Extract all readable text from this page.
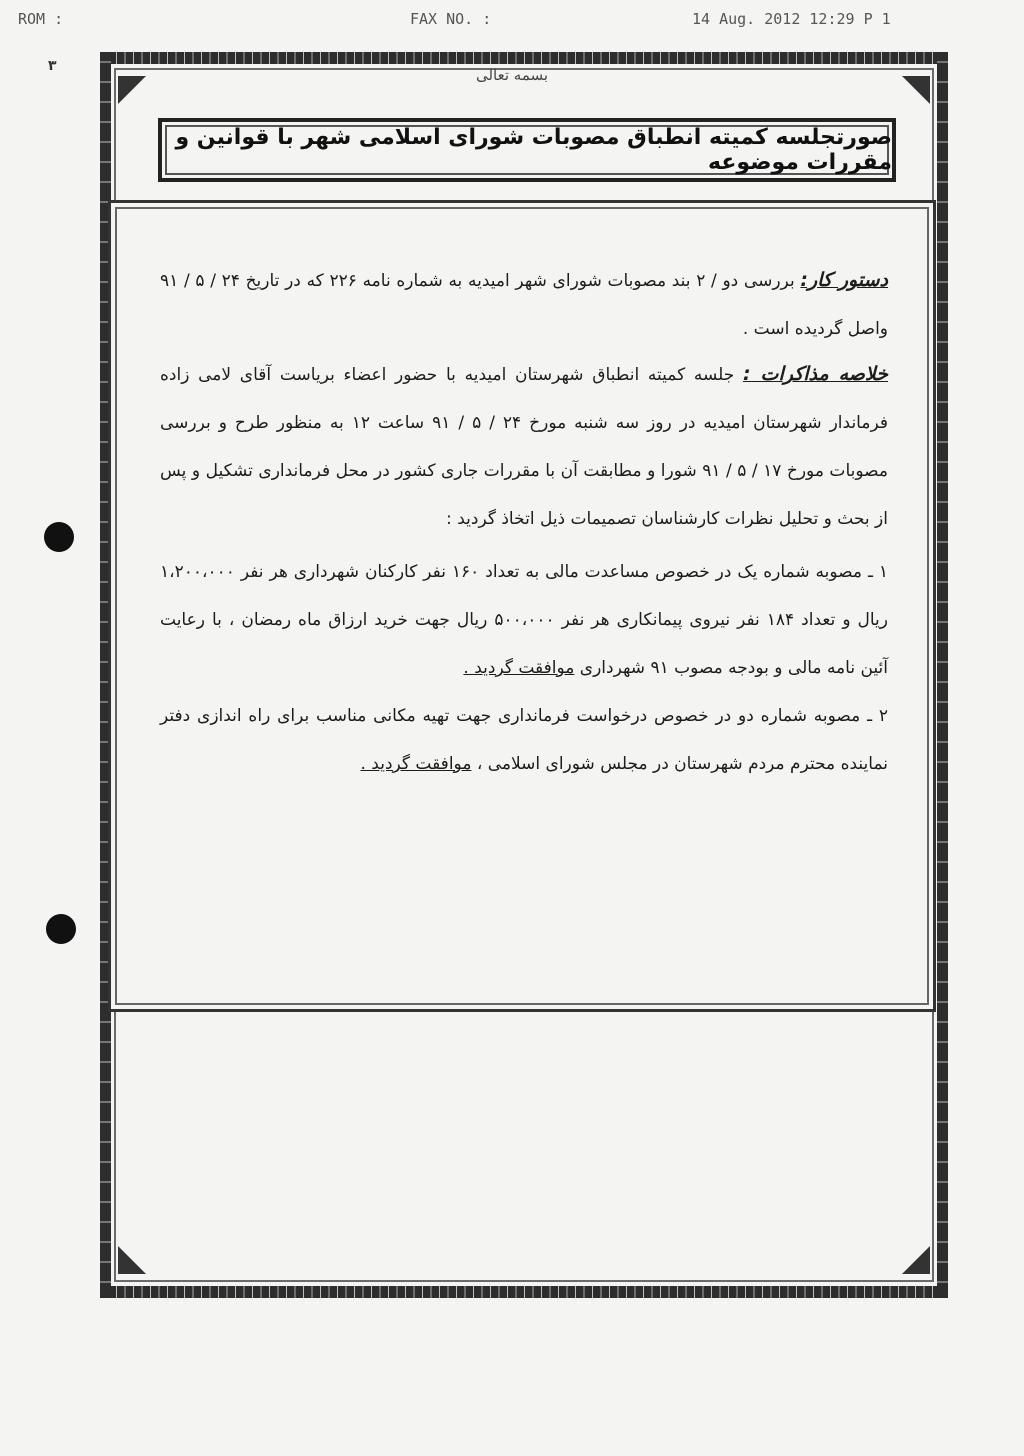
ROM :	FAX NO. :	14 Aug. 2012 12:29 P 1
۳	بسمه تعالی
صورتجلسه کمیته انطباق مصوبات شورای اسلامی شهر با قوانین و مقررات موضوعه
دستور کار: بررسی دو / ۲ بند مصوبات شورای شهر امیدیه به شماره نامه ۲۲۶ که در تاریخ ۲۴ / ۵ / ۹۱ واصل گردیده است .
خلاصه مذاکرات : جلسه کمیته انطباق شهرستان امیدیه با حضور اعضاء بریاست آقای لامی زاده فرماندار شهرستان امیدیه در روز سه شنبه مورخ ۲۴ / ۵ / ۹۱ ساعت ۱۲ به منظور طرح و بررسی مصوبات مورخ ۱۷ / ۵ / ۹۱ شورا و مطابقت آن با مقررات جاری کشور در محل فرمانداری تشکیل و پس از بحث و تحلیل نظرات کارشناسان تصمیمات ذیل اتخاذ گردید :
۱ ـ مصوبه شماره یک در خصوص مساعدت مالی به تعداد ۱۶۰ نفر کارکنان شهرداری هر نفر ۱،۲۰۰،۰۰۰ ریال و تعداد ۱۸۴ نفر نیروی پیمانکاری هر نفر ۵۰۰،۰۰۰ ریال جهت خرید ارزاق ماه رمضان ، با رعایت آئین نامه مالی و بودجه مصوب ۹۱ شهرداری موافقت گردید .
۲ ـ مصوبه شماره دو در خصوص درخواست فرمانداری جهت تهیه مکانی مناسب برای راه اندازی دفتر نماینده محترم مردم شهرستان در مجلس شورای اسلامی ، موافقت گردید .
